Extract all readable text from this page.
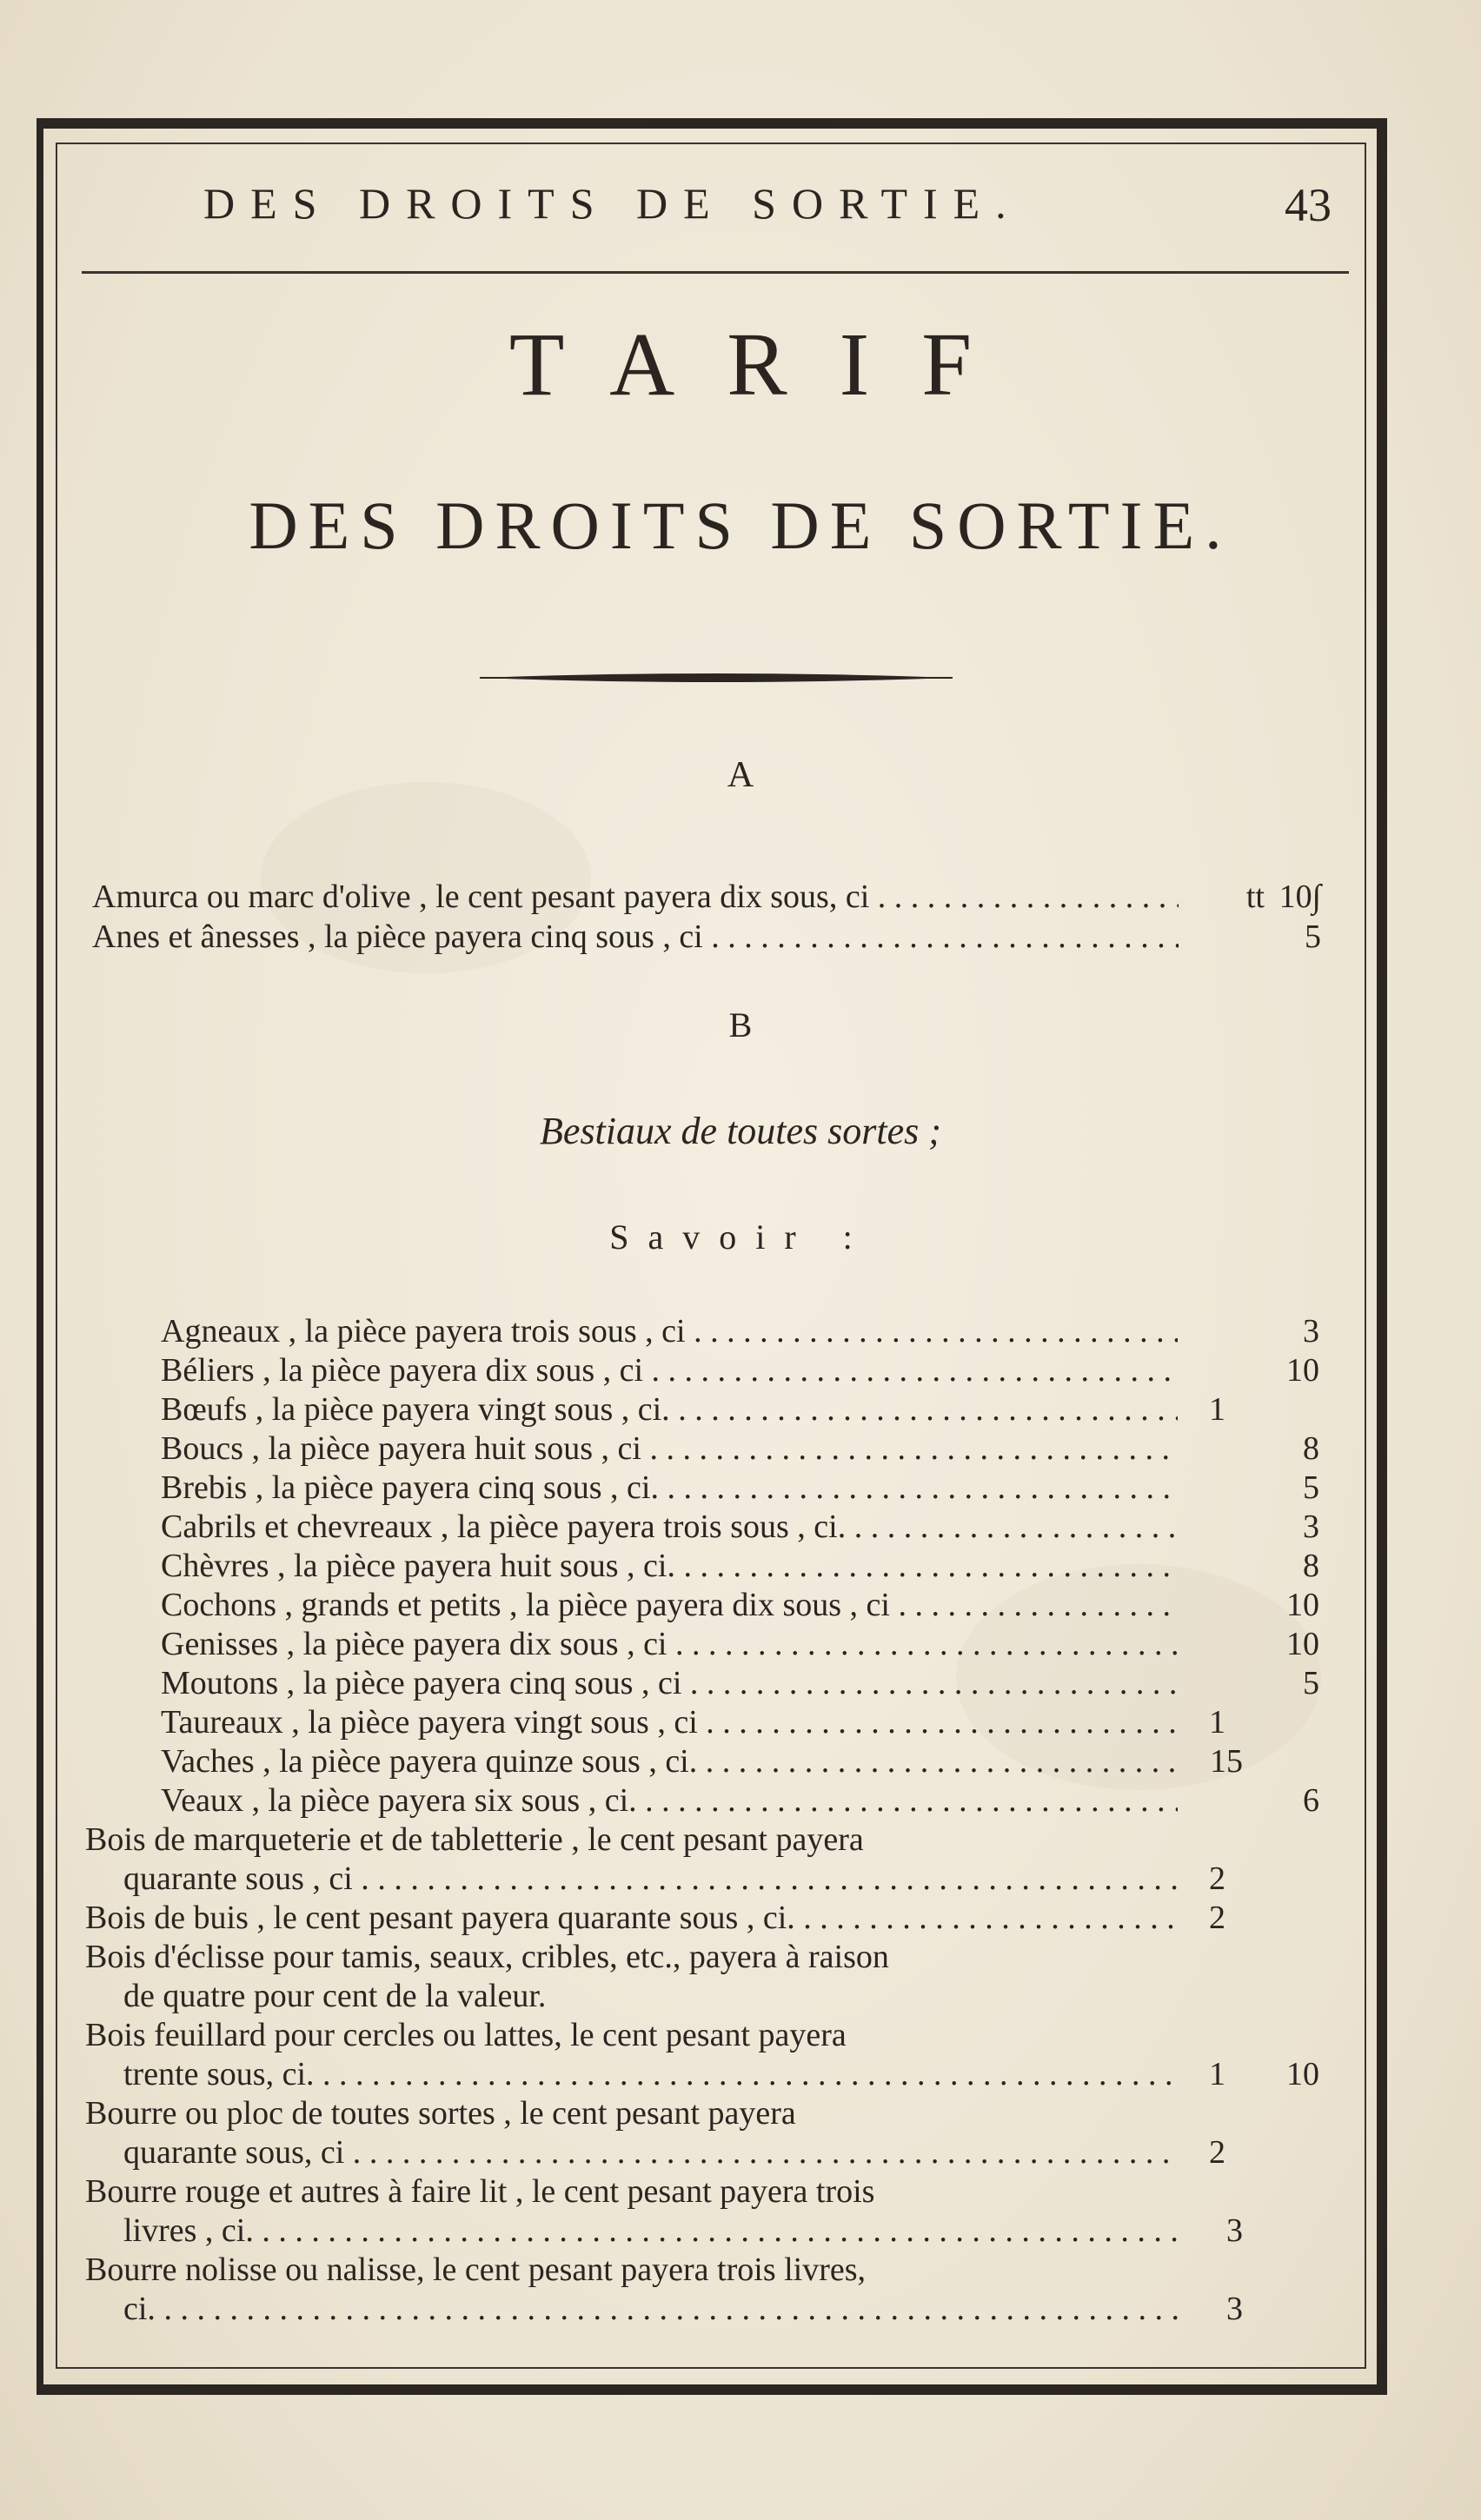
DES DROITS DE SORTIE.	43
TARIF
DES DROITS DE SORTIE.
A
Amurca ou marc d'olive , le cent pesant payera dix sous, ci . . . .	tt 10∫
Anes et ânesses , la pièce payera cinq sous , ci . . .	5
B
Bestiaux de toutes sortes ;
Savoir :
Agneaux , la pièce payera trois sous , ci . . .	3
Béliers , la pièce payera dix sous , ci . . .	10
Bœufs , la pièce payera vingt sous , ci. . . .	1
Boucs , la pièce payera huit sous , ci . . .	8
Brebis , la pièce payera cinq sous , ci. . . .	5
Cabrils et chevreaux , la pièce payera trois sous , ci. . . .	3
Chèvres , la pièce payera huit sous , ci. . . .	8
Cochons , grands et petits , la pièce payera dix sous , ci . . . .	10
Genisses , la pièce payera dix sous , ci . . . .	10
Moutons , la pièce payera cinq sous , ci . . .	5
Taureaux , la pièce payera vingt sous , ci . . .	1
Vaches , la pièce payera quinze sous , ci. . . .	15
Veaux , la pièce payera six sous , ci. . . .	6
Bois de marqueterie et de tabletterie , le cent pesant payera
quarante sous , ci . . . .	2
Bois de buis , le cent pesant payera quarante sous , ci. . . .	2
Bois d'éclisse pour tamis, seaux, cribles, etc., payera à raison
de quatre pour cent de la valeur.
Bois feuillard pour cercles ou lattes, le cent pesant payera
trente sous, ci. . . .	1	10
Bourre ou ploc de toutes sortes , le cent pesant payera
quarante sous, ci . . . .	2
Bourre rouge et autres à faire lit , le cent pesant payera trois
livres , ci. . . .	3
Bourre nolisse ou nalisse, le cent pesant payera trois livres,
ci. . . .	3
